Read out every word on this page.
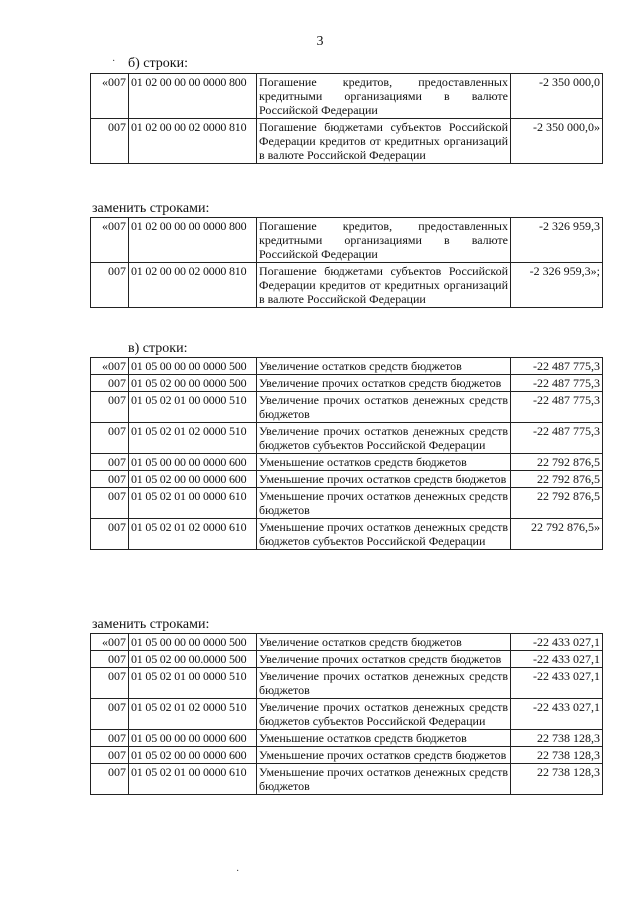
3
б) строки:
«007	01 02 00 00 00 0000 800	Погашение кредитов, предоставленных кредитными организациями в валюте Российской Федерации	-2 350 000,0
007	01 02 00 00 02 0000 810	Погашение бюджетами субъектов Российской Федерации кредитов от кредитных организаций в валюте Российской Федерации	-2 350 000,0»
заменить строками:
«007	01 02 00 00 00 0000 800	Погашение кредитов, предоставленных кредитными организациями в валюте Российской Федерации	-2 326 959,3
007	01 02 00 00 02 0000 810	Погашение бюджетами субъектов Российской Федерации кредитов от кредитных организаций в валюте Российской Федерации	-2 326 959,3»;
в) строки:
«007	01 05 00 00 00 0000 500	Увеличение остатков средств бюджетов	-22 487 775,3
007	01 05 02 00 00 0000 500	Увеличение прочих остатков средств бюджетов	-22 487 775,3
007	01 05 02 01 00 0000 510	Увеличение прочих остатков денежных средств бюджетов	-22 487 775,3
007	01 05 02 01 02 0000 510	Увеличение прочих остатков денежных средств бюджетов субъектов Российской Федерации	-22 487 775,3
007	01 05 00 00 00 0000 600	Уменьшение остатков средств бюджетов	22 792 876,5
007	01 05 02 00 00 0000 600	Уменьшение прочих остатков средств бюджетов	22 792 876,5
007	01 05 02 01 00 0000 610	Уменьшение прочих остатков денежных средств бюджетов	22 792 876,5
007	01 05 02 01 02 0000 610	Уменьшение прочих остатков денежных средств бюджетов субъектов Российской Федерации	22 792 876,5»
заменить строками:
«007	01 05 00 00 00 0000 500	Увеличение остатков средств бюджетов	-22 433 027,1
007	01 05 02 00 00.0000 500	Увеличение прочих остатков средств бюджетов	-22 433 027,1
007	01 05 02 01 00 0000 510	Увеличение прочих остатков денежных средств бюджетов	-22 433 027,1
007	01 05 02 01 02 0000 510	Увеличение прочих остатков денежных средств бюджетов субъектов Российской Федерации	-22 433 027,1
007	01 05 00 00 00 0000 600	Уменьшение остатков средств бюджетов	22 738 128,3
007	01 05 02 00 00 0000 600	Уменьшение прочих остатков средств бюджетов	22 738 128,3
007	01 05 02 01 00 0000 610	Уменьшение прочих остатков денежных средств бюджетов	22 738 128,3
·
·
